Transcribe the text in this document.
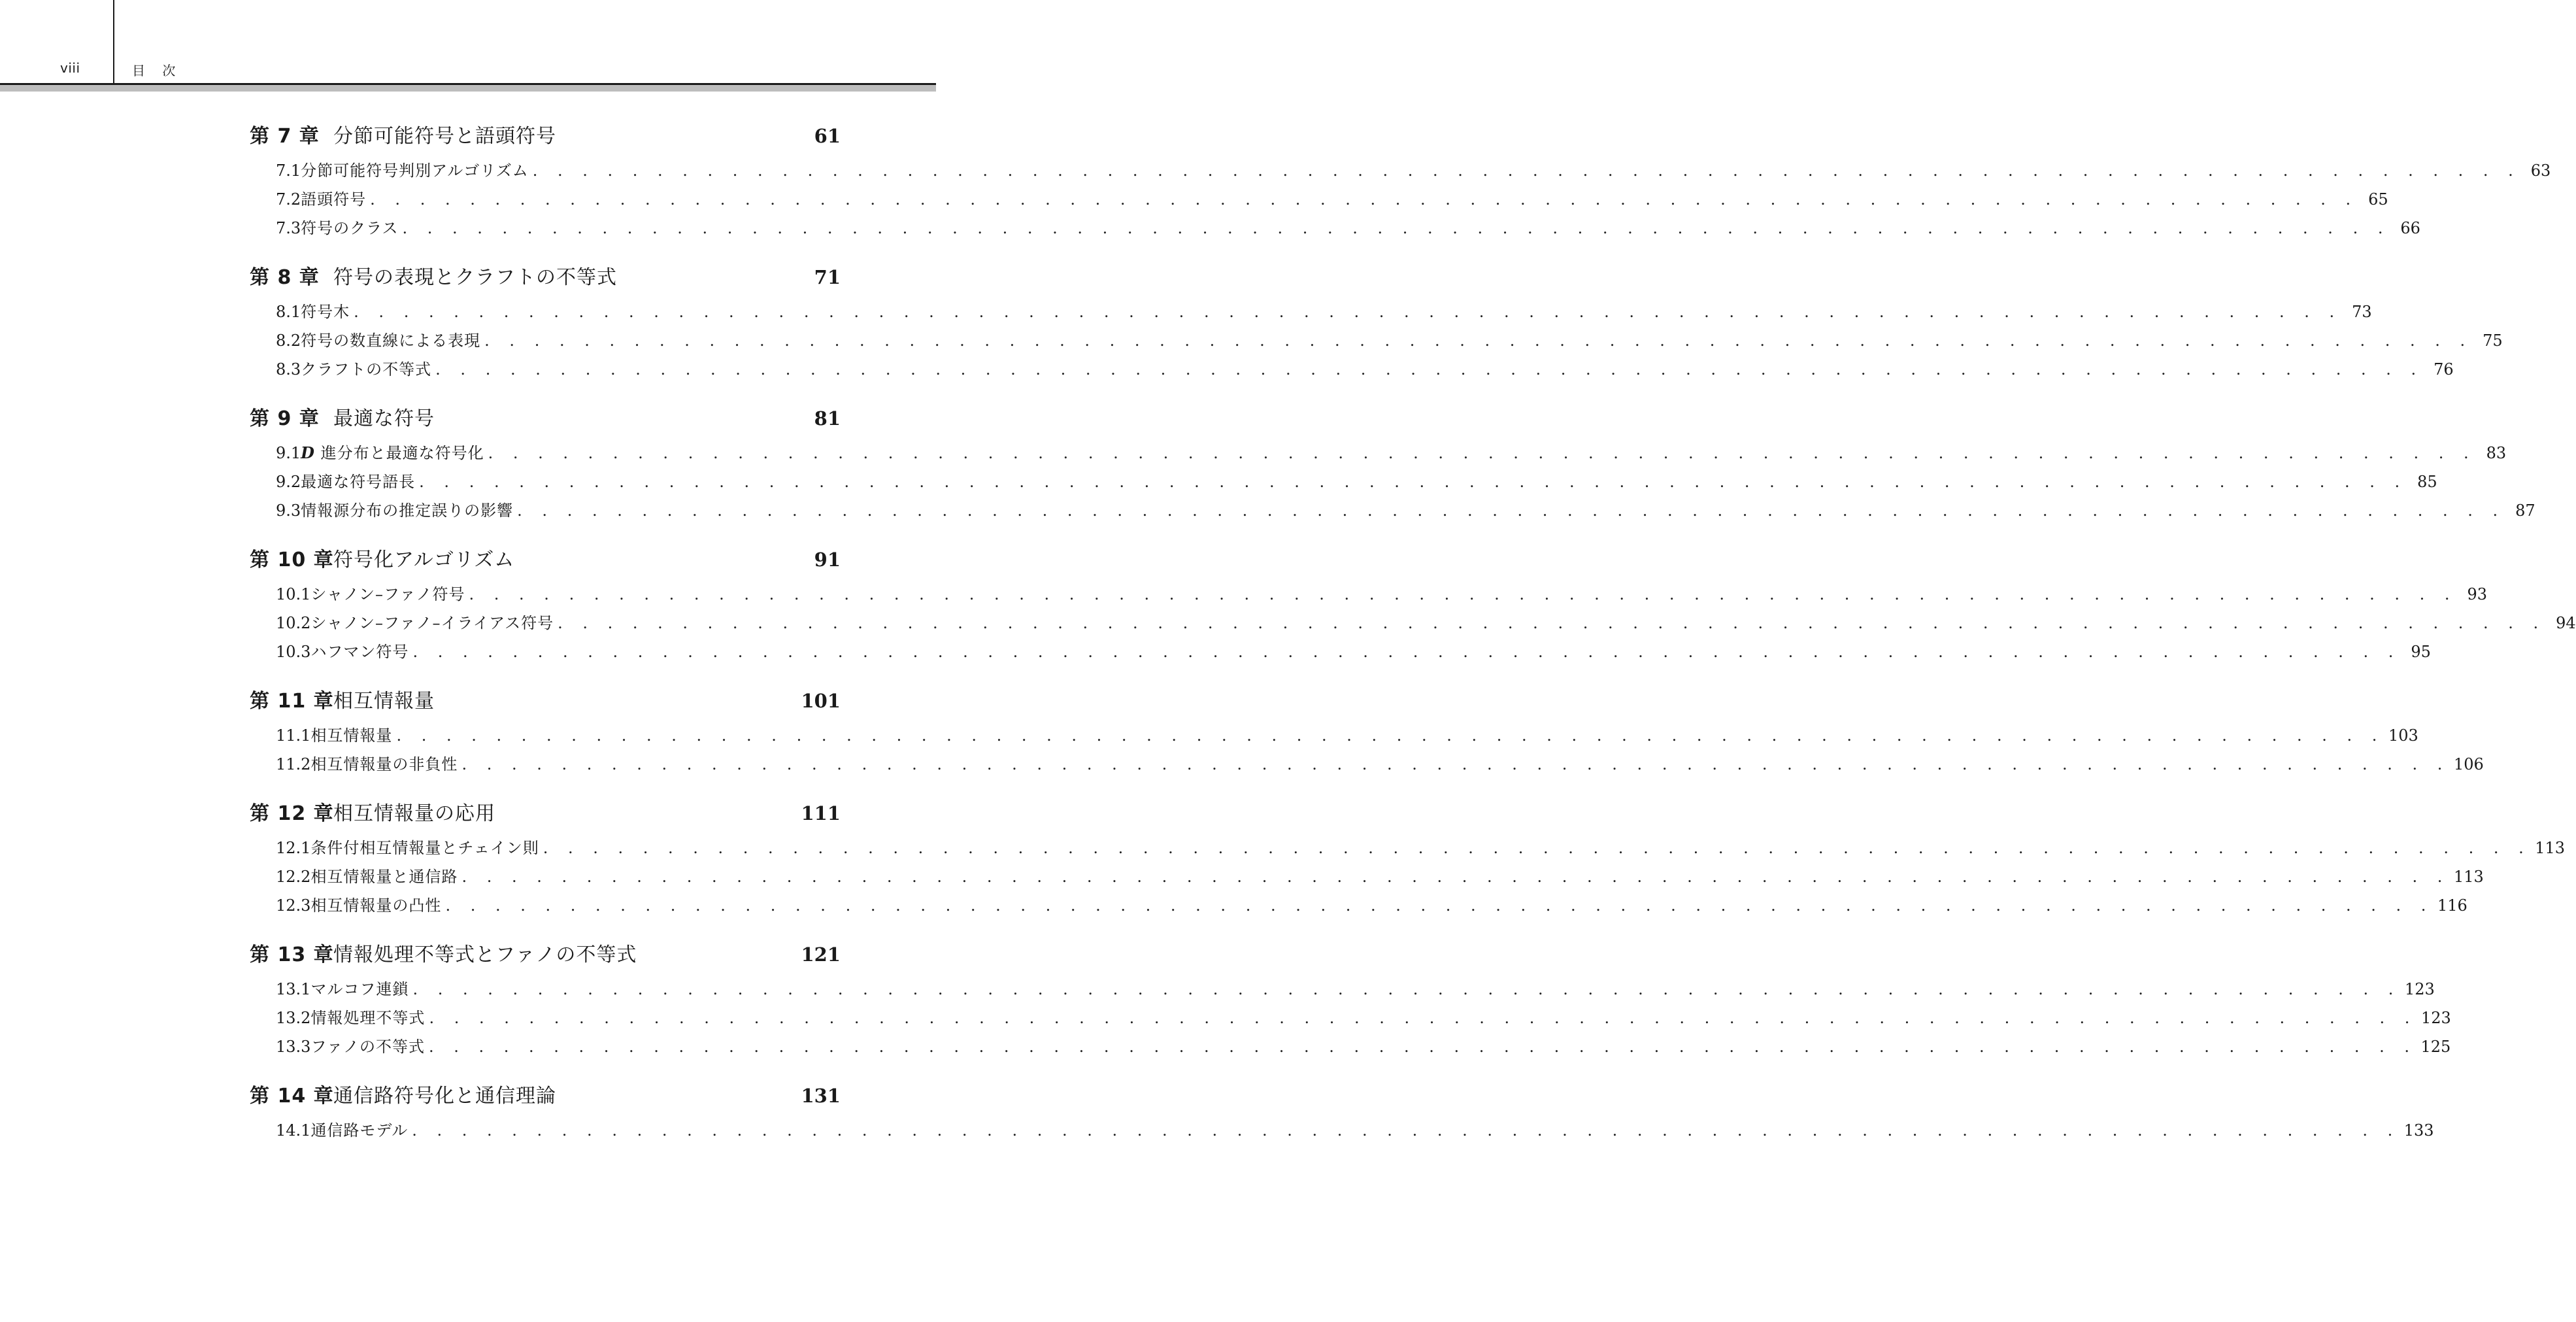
viii	目 次
第 7 章 分節可能符号と語頭符号	61
7.1 分節可能符号判別アルゴリズム . . . . . . . . . . . . . . . . . . . . . . . . . . . . . . . . . . . . . . . . . . . . . . . . . . . . . . . . . . . . . . . . . . . . . . . . . . . . . . . . 63
7.2 語頭符号 . . . . . . . . . . . . . . . . . . . . . . . . . . . . . . . . . . . . . . . . . . . . . . . . . . . . . . . . . . . . . . . . . . . . . . . . . . . . . . . . 65
7.3 符号のクラス . . . . . . . . . . . . . . . . . . . . . . . . . . . . . . . . . . . . . . . . . . . . . . . . . . . . . . . . . . . . . . . . . . . . . . . . . . . . . . . . 66
第 8 章 符号の表現とクラフトの不等式	71
8.1 符号木 . . . . . . . . . . . . . . . . . . . . . . . . . . . . . . . . . . . . . . . . . . . . . . . . . . . . . . . . . . . . . . . . . . . . . . . . . . . . . . . . 73
8.2 符号の数直線による表現 . . . . . . . . . . . . . . . . . . . . . . . . . . . . . . . . . . . . . . . . . . . . . . . . . . . . . . . . . . . . . . . . . . . . . . . . . . . . . . . . 75
8.3 クラフトの不等式 . . . . . . . . . . . . . . . . . . . . . . . . . . . . . . . . . . . . . . . . . . . . . . . . . . . . . . . . . . . . . . . . . . . . . . . . . . . . . . . . 76
第 9 章 最適な符号	81
9.1 D 進分布と最適な符号化 . . . . . . . . . . . . . . . . . . . . . . . . . . . . . . . . . . . . . . . . . . . . . . . . . . . . . . . . . . . . . . . . . . . . . . . . . . . . . . . . 83
9.2 最適な符号語長 . . . . . . . . . . . . . . . . . . . . . . . . . . . . . . . . . . . . . . . . . . . . . . . . . . . . . . . . . . . . . . . . . . . . . . . . . . . . . . . . 85
9.3 情報源分布の推定誤りの影響 . . . . . . . . . . . . . . . . . . . . . . . . . . . . . . . . . . . . . . . . . . . . . . . . . . . . . . . . . . . . . . . . . . . . . . . . . . . . . . . . 87
第 10 章 符号化アルゴリズム	91
10.1 シャノン–ファノ符号 . . . . . . . . . . . . . . . . . . . . . . . . . . . . . . . . . . . . . . . . . . . . . . . . . . . . . . . . . . . . . . . . . . . . . . . . . . . . . . . . 93
10.2 シャノン–ファノ–イライアス符号 . . . . . . . . . . . . . . . . . . . . . . . . . . . . . . . . . . . . . . . . . . . . . . . . . . . . . . . . . . . . . . . . . . . . . . . . . . . . . . . . 94
10.3 ハフマン符号 . . . . . . . . . . . . . . . . . . . . . . . . . . . . . . . . . . . . . . . . . . . . . . . . . . . . . . . . . . . . . . . . . . . . . . . . . . . . . . . . 95
第 11 章 相互情報量	101
11.1 相互情報量 . . . . . . . . . . . . . . . . . . . . . . . . . . . . . . . . . . . . . . . . . . . . . . . . . . . . . . . . . . . . . . . . . . . . . . . . . . . . . . . . 103
11.2 相互情報量の非負性 . . . . . . . . . . . . . . . . . . . . . . . . . . . . . . . . . . . . . . . . . . . . . . . . . . . . . . . . . . . . . . . . . . . . . . . . . . . . . . . . 106
第 12 章 相互情報量の応用	111
12.1 条件付相互情報量とチェイン則 . . . . . . . . . . . . . . . . . . . . . . . . . . . . . . . . . . . . . . . . . . . . . . . . . . . . . . . . . . . . . . . . . . . . . . . . . . . . . . . . 113
12.2 相互情報量と通信路 . . . . . . . . . . . . . . . . . . . . . . . . . . . . . . . . . . . . . . . . . . . . . . . . . . . . . . . . . . . . . . . . . . . . . . . . . . . . . . . . 113
12.3 相互情報量の凸性 . . . . . . . . . . . . . . . . . . . . . . . . . . . . . . . . . . . . . . . . . . . . . . . . . . . . . . . . . . . . . . . . . . . . . . . . . . . . . . . . 116
第 13 章 情報処理不等式とファノの不等式	121
13.1 マルコフ連鎖 . . . . . . . . . . . . . . . . . . . . . . . . . . . . . . . . . . . . . . . . . . . . . . . . . . . . . . . . . . . . . . . . . . . . . . . . . . . . . . . . 123
13.2 情報処理不等式 . . . . . . . . . . . . . . . . . . . . . . . . . . . . . . . . . . . . . . . . . . . . . . . . . . . . . . . . . . . . . . . . . . . . . . . . . . . . . . . . 123
13.3 ファノの不等式 . . . . . . . . . . . . . . . . . . . . . . . . . . . . . . . . . . . . . . . . . . . . . . . . . . . . . . . . . . . . . . . . . . . . . . . . . . . . . . . . 125
第 14 章 通信路符号化と通信理論	131
14.1 通信路モデル . . . . . . . . . . . . . . . . . . . . . . . . . . . . . . . . . . . . . . . . . . . . . . . . . . . . . . . . . . . . . . . . . . . . . . . . . . . . . . . . 133
